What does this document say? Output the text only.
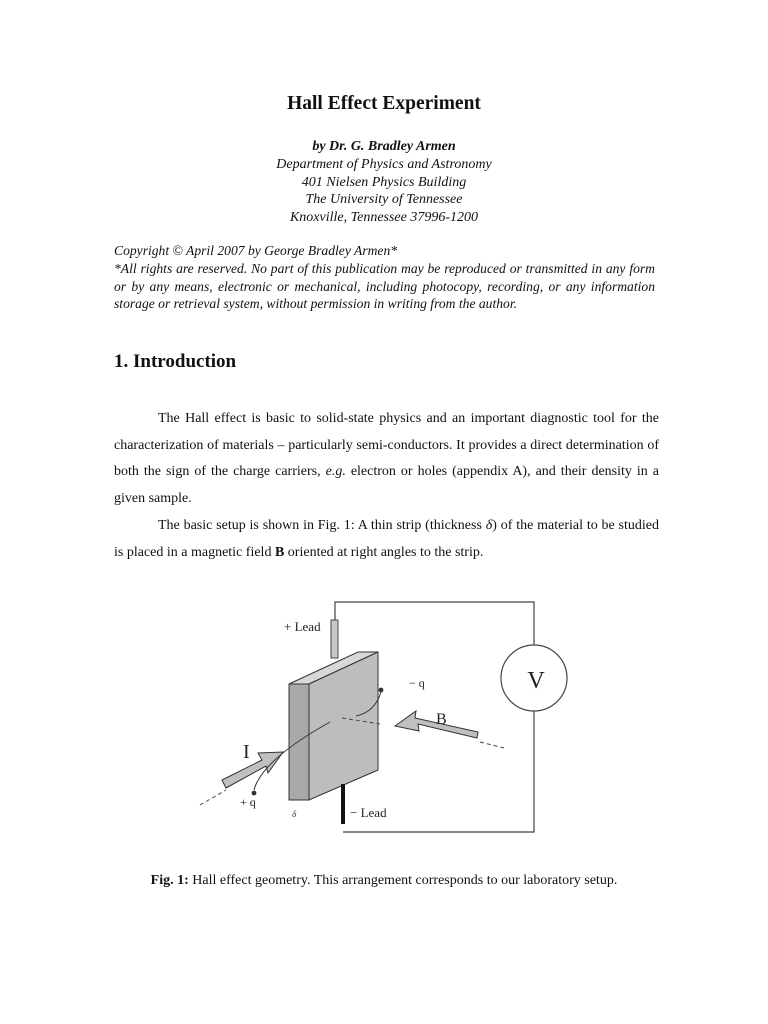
Hall Effect Experiment
by Dr. G. Bradley Armen
Department of Physics and Astronomy
401 Nielsen Physics Building
The University of Tennessee
Knoxville, Tennessee 37996-1200
Copyright © April 2007 by George Bradley Armen*
*All rights are reserved. No part of this publication may be reproduced or transmitted in any form or by any means, electronic or mechanical, including photocopy, recording, or any information storage or retrieval system, without permission in writing from the author.
1. Introduction
The Hall effect is basic to solid-state physics and an important diagnostic tool for the characterization of materials – particularly semi-conductors. It provides a direct determination of both the sign of the charge carriers, e.g. electron or holes (appendix A), and their density in a given sample.
The basic setup is shown in Fig. 1: A thin strip (thickness δ) of the material to be studied is placed in a magnetic field B oriented at right angles to the strip.
V
+ Lead
− Lead
I
B
− q
+ q
δ
Fig. 1: Hall effect geometry. This arrangement corresponds to our laboratory setup.
